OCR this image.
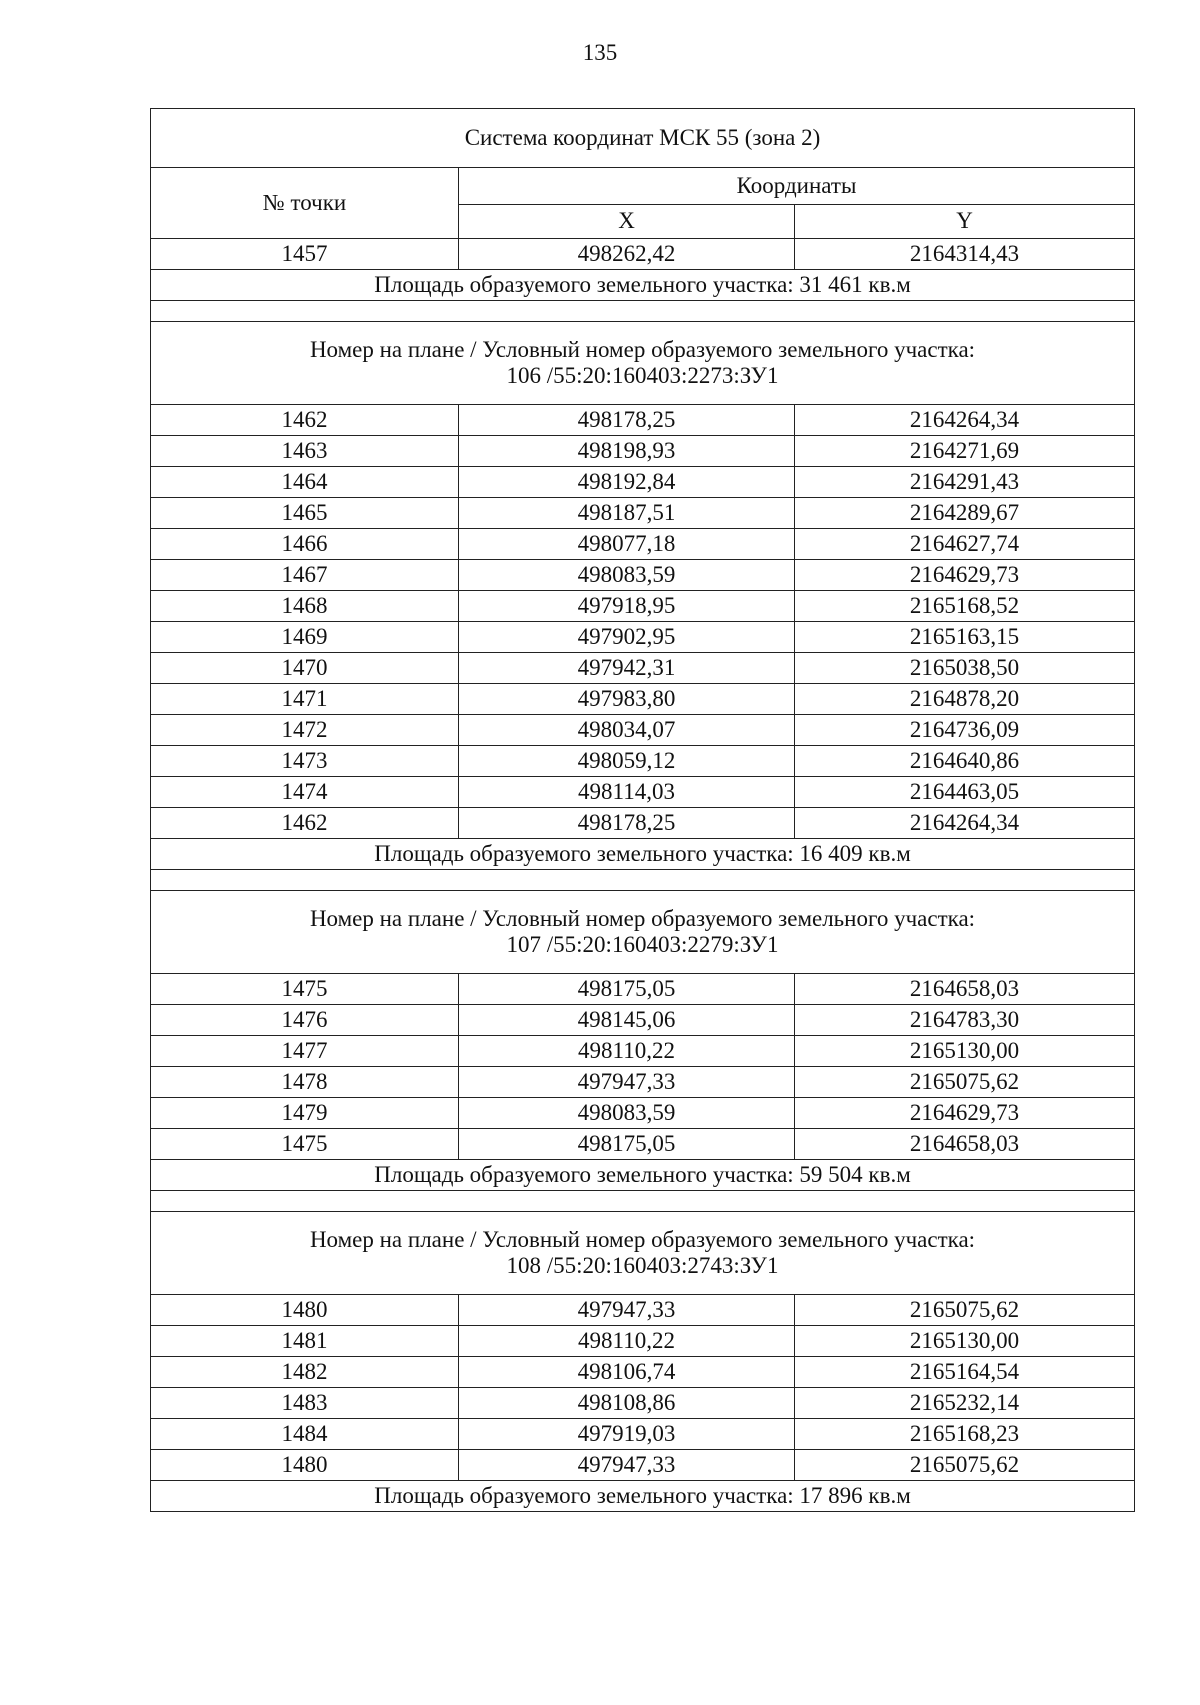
135
Система координат МСК 55 (зона 2)		
№ точки	Координаты	
	X	Y
1457	498262,42	2164314,43
Площадь образуемого земельного участка: 31 461 кв.м		

Номер на плане / Условный номер образуемого земельного участка:
106 /55:20:160403:2273:ЗУ1		

1462	498178,25	2164264,34
1463	498198,93	2164271,69
1464	498192,84	2164291,43
1465	498187,51	2164289,67
1466	498077,18	2164627,74
1467	498083,59	2164629,73
1468	497918,95	2165168,52
1469	497902,95	2165163,15
1470	497942,31	2165038,50
1471	497983,80	2164878,20
1472	498034,07	2164736,09
1473	498059,12	2164640,86
1474	498114,03	2164463,05
1462	498178,25	2164264,34
Площадь образуемого земельного участка: 16 409 кв.м		

Номер на плане / Условный номер образуемого земельного участка:
107 /55:20:160403:2279:ЗУ1		

1475	498175,05	2164658,03
1476	498145,06	2164783,30
1477	498110,22	2165130,00
1478	497947,33	2165075,62
1479	498083,59	2164629,73
1475	498175,05	2164658,03
Площадь образуемого земельного участка: 59 504 кв.м		

Номер на плане / Условный номер образуемого земельного участка:
108 /55:20:160403:2743:ЗУ1		

1480	497947,33	2165075,62
1481	498110,22	2165130,00
1482	498106,74	2165164,54
1483	498108,86	2165232,14
1484	497919,03	2165168,23
1480	497947,33	2165075,62
Площадь образуемого земельного участка: 17 896 кв.м		
